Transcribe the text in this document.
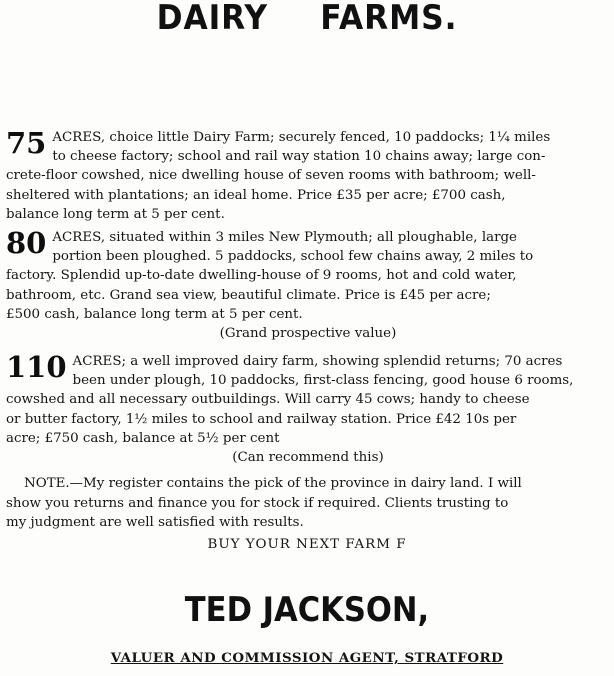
DAIRY FARMS.
75 ACRES, choice little Dairy Farm; securely fenced, 10 paddocks; 1¼ miles
to cheese factory; school and rail way station 10 chains away; large con-
crete-floor cowshed, nice dwelling house of seven rooms with bathroom; well-
sheltered with plantations; an ideal home. Price £35 per acre; £700 cash,
balance long term at 5 per cent.
80 ACRES, situated within 3 miles New Plymouth; all ploughable, large
portion been ploughed. 5 paddocks, school few chains away, 2 miles to
factory. Splendid up-to-date dwelling-house of 9 rooms, hot and cold water,
bathroom, etc. Grand sea view, beautiful climate. Price is £45 per acre;
£500 cash, balance long term at 5 per cent.
(Grand prospective value)
110 ACRES; a well improved dairy farm, showing splendid returns; 70 acres
been under plough, 10 paddocks, first-class fencing, good house 6 rooms,
cowshed and all necessary outbuildings. Will carry 45 cows; handy to cheese
or butter factory, 1½ miles to school and railway station. Price £42 10s per
acre; £750 cash, balance at 5½ per cent
(Can recommend this)
NOTE.—My register contains the pick of the province in dairy land. I will
show you returns and finance you for stock if required. Clients trusting to
my judgment are well satisfied with results.
BUY YOUR NEXT FARM F
TED JACKSON,
VALUER AND COMMISSION AGENT, STRATFORD
